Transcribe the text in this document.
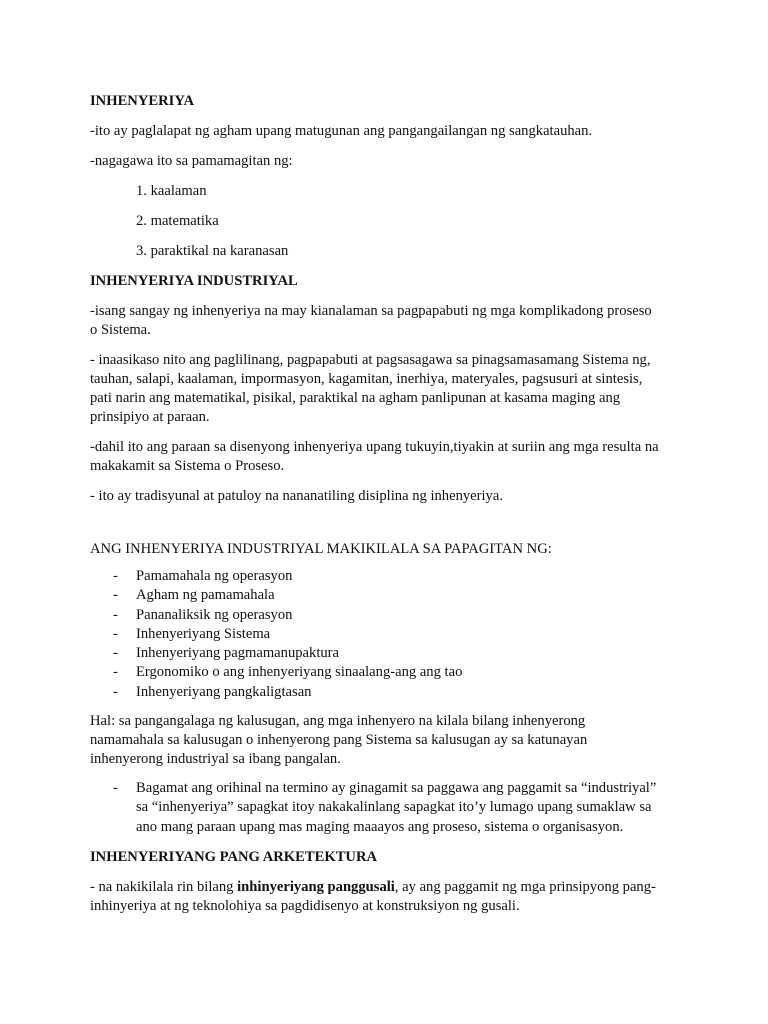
INHENYERIYA

-ito ay paglalapat ng agham upang matugunan ang pangangailangan ng sangkatauhan.

-nagagawa ito sa pamamagitan ng:

1. kaalaman

2. matematika

3. paraktikal na karanasan

INHENYERIYA INDUSTRIYAL

-isang sangay ng inhenyeriya na may kianalaman sa pagpapabuti ng mga komplikadong proseso

o Sistema.

- inaasikaso nito ang paglilinang, pagpapabuti at pagsasagawa sa pinagsamasamang Sistema ng,

tauhan, salapi, kaalaman, impormasyon, kagamitan, inerhiya, materyales, pagsusuri at sintesis,

pati narin ang matematikal, pisikal, paraktikal na agham panlipunan at kasama maging ang

prinsipiyo at paraan.

-dahil ito ang paraan sa disenyong inhenyeriya upang tukuyin,tiyakin at suriin ang mga resulta na

makakamit sa Sistema o Proseso.

- ito ay tradisyunal at patuloy na nananatiling disiplina ng inhenyeriya.

ANG INHENYERIYA INDUSTRIYAL MAKIKILALA SA PAPAGITAN NG:

- Pamamahala ng operasyon
- Agham ng pamamahala
- Pananaliksik ng operasyon
- Inhenyeriyang Sistema
- Inhenyeriyang pagmamanupaktura
- Ergonomiko o ang inhenyeriyang sinaalang-ang ang tao
- Inhenyeriyang pangkaligtasan

Hal: sa pangangalaga ng kalusugan, ang mga inhenyero na kilala bilang inhenyerong

namamahala sa kalusugan o inhenyerong pang Sistema sa kalusugan ay sa katunayan

inhenyerong industriyal sa ibang pangalan.

- Bagamat ang orihinal na termino ay ginagamit sa paggawa ang paggamit sa “industriyal”
sa “inhenyeriya” sapagkat itoy nakakalinlang sapagkat ito’y lumago upang sumaklaw sa
ano mang paraan upang mas maging maaayos ang proseso, sistema o organisasyon.

INHENYERIYANG PANG ARKETEKTURA

- na nakikilala rin bilang inhinyeriyang panggusali, ay ang paggamit ng mga prinsipyong pang-

inhinyeriya at ng teknolohiya sa pagdidisenyo at konstruksiyon ng gusali.
